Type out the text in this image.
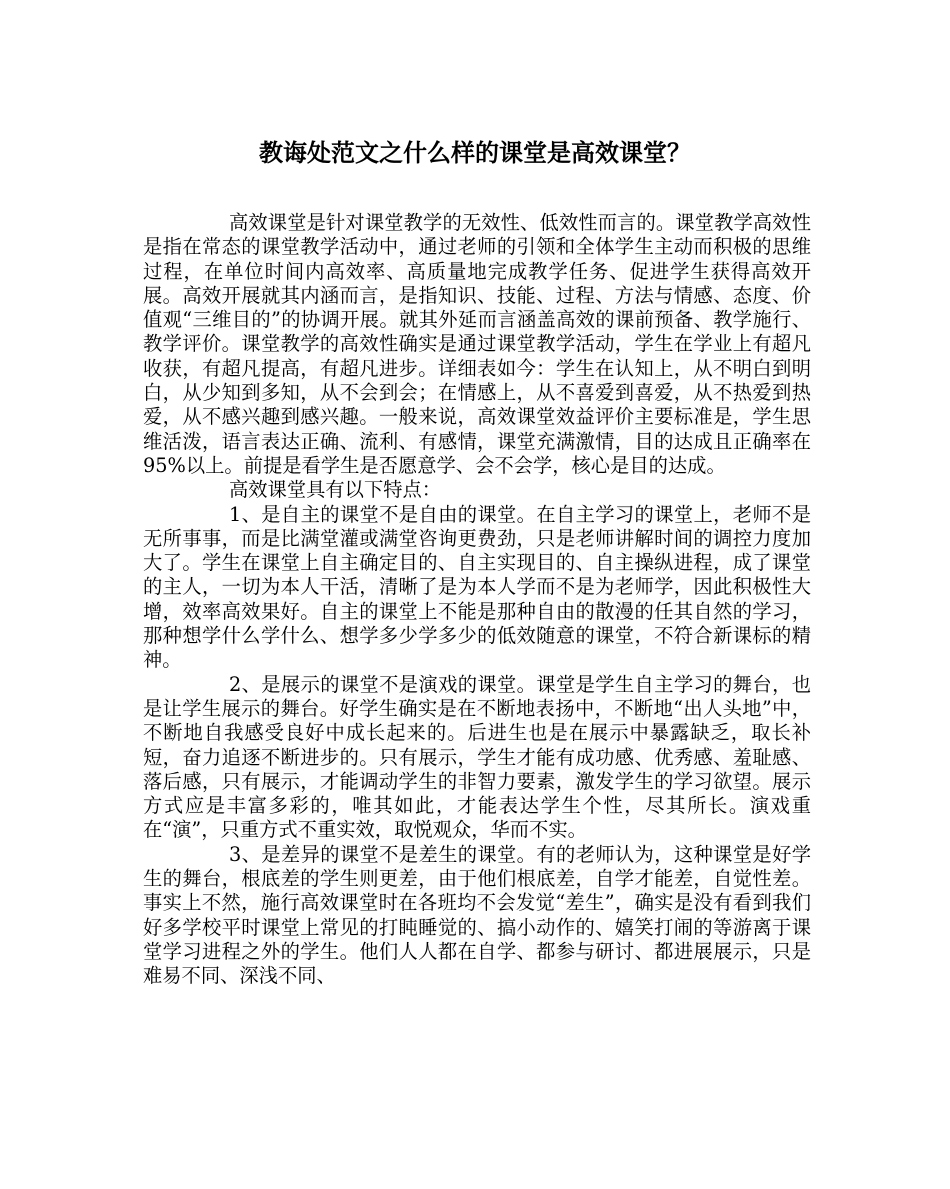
教诲处范文之什么样的课堂是高效课堂？

高效课堂是针对课堂教学的无效性、低效性而言的。课堂教学高效性是指在常态的课堂教学活动中，通过老师的引领和全体学生主动而积极的思维过程，在单位时间内高效率、高质量地完成教学任务、促进学生获得高效开展。高效开展就其内涵而言，是指知识、技能、过程、方法与情感、态度、价值观“三维目的”的协调开展。就其外延而言涵盖高效的课前预备、教学施行、教学评价。课堂教学的高效性确实是通过课堂教学活动，学生在学业上有超凡收获，有超凡提高，有超凡进步。详细表如今：学生在认知上，从不明白到明白，从少知到多知，从不会到会；在情感上，从不喜爱到喜爱，从不热爱到热爱，从不感兴趣到感兴趣。一般来说，高效课堂效益评价主要标准是，学生思维活泼，语言表达正确、流利、有感情，课堂充满激情，目的达成且正确率在95%以上。前提是看学生是否愿意学、会不会学，核心是目的达成。

高效课堂具有以下特点：

1、是自主的课堂不是自由的课堂。在自主学习的课堂上，老师不是无所事事，而是比满堂灌或满堂咨询更费劲，只是老师讲解时间的调控力度加大了。学生在课堂上自主确定目的、自主实现目的、自主操纵进程，成了课堂的主人，一切为本人干活，清晰了是为本人学而不是为老师学，因此积极性大增，效率高效果好。自主的课堂上不能是那种自由的散漫的任其自然的学习，那种想学什么学什么、想学多少学多少的低效随意的课堂，不符合新课标的精神。

2、是展示的课堂不是演戏的课堂。课堂是学生自主学习的舞台，也是让学生展示的舞台。好学生确实是在不断地表扬中，不断地“出人头地”中，不断地自我感受良好中成长起来的。后进生也是在展示中暴露缺乏，取长补短，奋力追逐不断进步的。只有展示，学生才能有成功感、优秀感、羞耻感、落后感，只有展示，才能调动学生的非智力要素，激发学生的学习欲望。展示方式应是丰富多彩的，唯其如此，才能表达学生个性，尽其所长。演戏重在“演”，只重方式不重实效，取悦观众，华而不实。

3、是差异的课堂不是差生的课堂。有的老师认为，这种课堂是好学生的舞台，根底差的学生则更差，由于他们根底差，自学才能差，自觉性差。事实上不然，施行高效课堂时在各班均不会发觉“差生”，确实是没有看到我们好多学校平时课堂上常见的打盹睡觉的、搞小动作的、嬉笑打闹的等游离于课堂学习进程之外的学生。他们人人都在自学、都参与研讨、都进展展示，只是难易不同、深浅不同、
